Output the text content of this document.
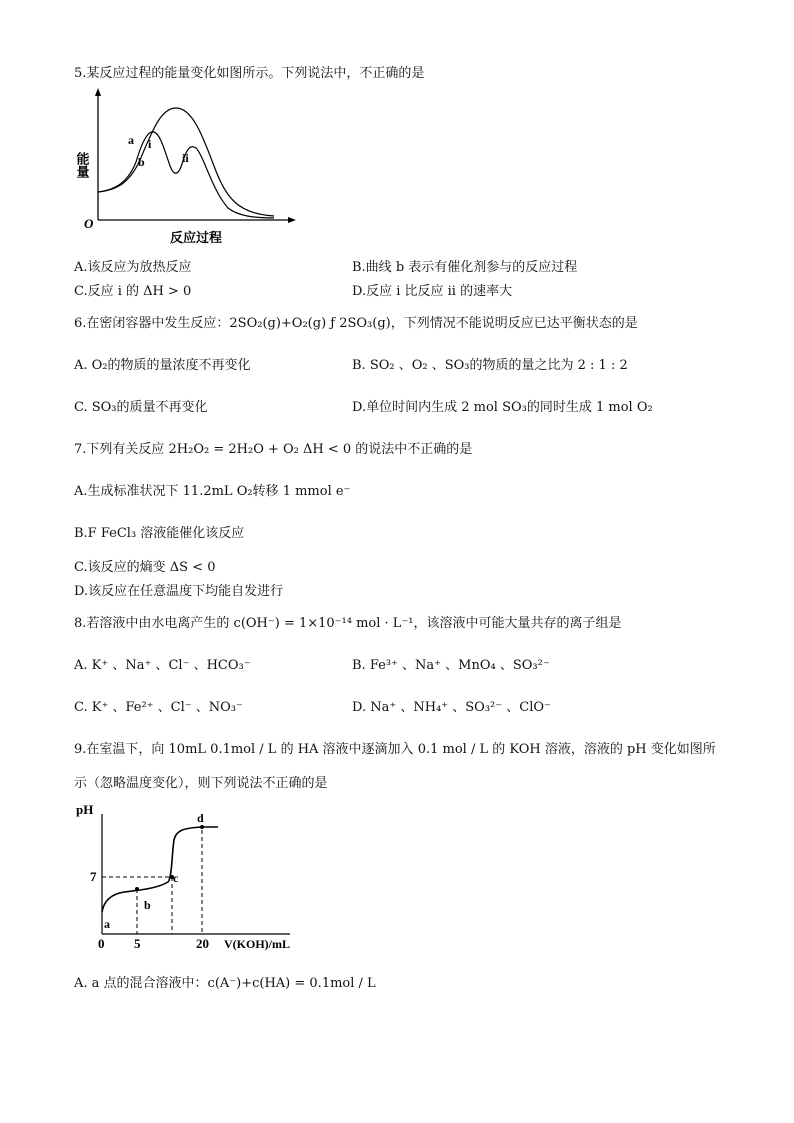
5.某反应过程的能量变化如图所示。下列说法中，不正确的是
能量
O
反应过程
a
b
i
ii
A.该反应为放热反应	B.曲线 b 表示有催化剂参与的反应过程
C.反应 i 的 ΔH > 0	D.反应 i 比反应 ii 的速率大
6.在密闭容器中发生反应：2SO₂(g)+O₂(g) ƒ 2SO₃(g)，下列情况不能说明反应已达平衡状态的是
A. O₂的物质的量浓度不再变化	B. SO₂ 、O₂ 、SO₃的物质的量之比为 2 : 1 : 2
C. SO₃的质量不再变化	D.单位时间内生成 2 mol SO₃的同时生成 1 mol O₂
7.下列有关反应 2H₂O₂ = 2H₂O + O₂ ΔH < 0 的说法中不正确的是
A.生成标准状况下 11.2mL O₂转移 1 mmol e⁻
B.F FeCl₃ 溶液能催化该反应
C.该反应的熵变 ΔS < 0
D.该反应在任意温度下均能自发进行
8.若溶液中由水电离产生的 c(OH⁻) = 1×10⁻¹⁴ mol · L⁻¹，该溶液中可能大量共存的离子组是
A. K⁺ 、Na⁺ 、Cl⁻ 、HCO₃⁻	B. Fe³⁺ 、Na⁺ 、MnO₄ 、SO₃²⁻
C. K⁺ 、Fe²⁺ 、Cl⁻ 、NO₃⁻	D. Na⁺ 、NH₄⁺ 、SO₃²⁻ 、ClO⁻
9.在室温下，向 10mL 0.1mol / L 的 HA 溶液中逐滴加入 0.1 mol / L 的 KOH 溶液，溶液的 pH 变化如图所
示（忽略温度变化），则下列说法不正确的是
pH
7
0 5	20 V(KOH)/mL
a
b
c
d
A. a 点的混合溶液中：c(A⁻)+c(HA) = 0.1mol / L
